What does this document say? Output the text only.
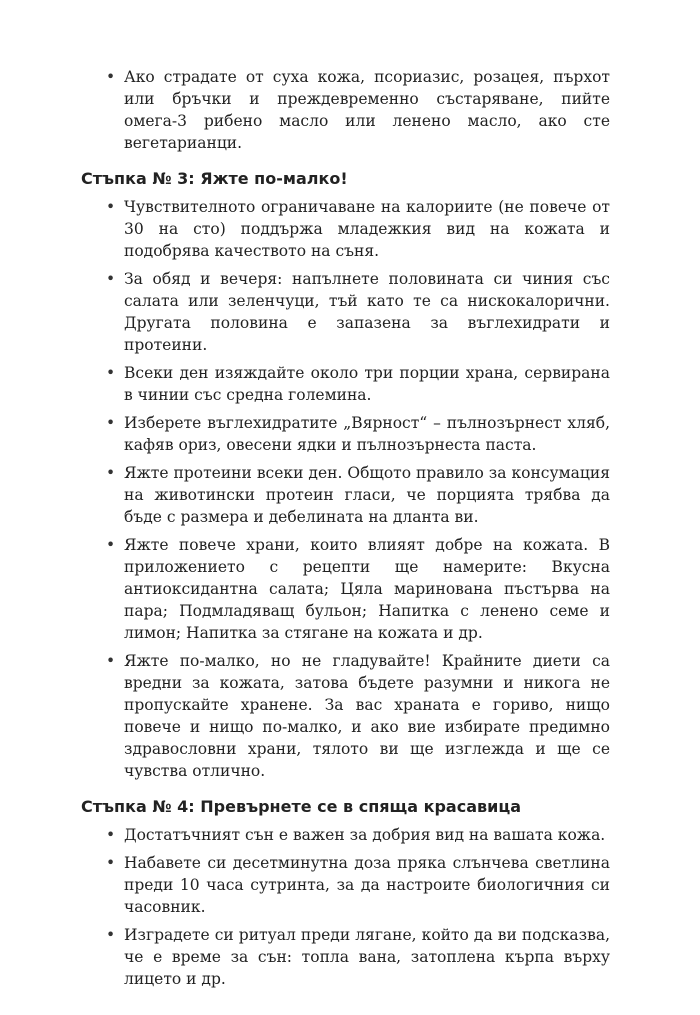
• Ако страдате от суха кожа, псориазис, розацея, пърхот или бръчки и преждевременно състаряване, пийте омега-3 рибено масло или ленено масло, ако сте вегетарианци.
Стъпка № 3: Яжте по-малко!
• Чувствителното ограничаване на калориите (не повече от 30 на сто) поддържа младежкия вид на кожата и подобрява качеството на съня.
• За обяд и вечеря: напълнете половината си чиния със салата или зеленчуци, тъй като те са нискокалорични. Другата половина е запазена за въглехидрати и протеини.
• Всеки ден изяждайте около три порции храна, сервирана в чинии със средна големина.
• Изберете въглехидратите „Вярност“ – пълнозърнест хляб, кафяв ориз, овесени ядки и пълнозърнеста паста.
• Яжте протеини всеки ден. Общото правило за консумация на животински протеин гласи, че порцията трябва да бъде с размера и дебелината на дланта ви.
• Яжте повече храни, които влияят добре на кожата. В приложението с рецепти ще намерите: Вкусна антиоксидантна салата; Цяла маринована пъстърва на пара; Подмладяващ бульон; Напитка с ленено семе и лимон; Напитка за стягане на кожата и др.
• Яжте по-малко, но не гладувайте! Крайните диети са вредни за кожата, затова бъдете разумни и никога не пропускайте хранене. За вас храната е гориво, нищо повече и нищо по-малко, и ако вие избирате предимно здравословни храни, тялото ви ще изглежда и ще се чувства отлично.
Стъпка № 4: Превърнете се в спяща красавица
• Достатъчният сън е важен за добрия вид на вашата кожа.
• Набавете си десетминутна доза пряка слънчева светлина преди 10 часа сутринта, за да настроите биологичния си часовник.
• Изградете си ритуал преди лягане, който да ви подсказва, че е време за сън: топла вана, затоплена кърпа върху лицето и др.
